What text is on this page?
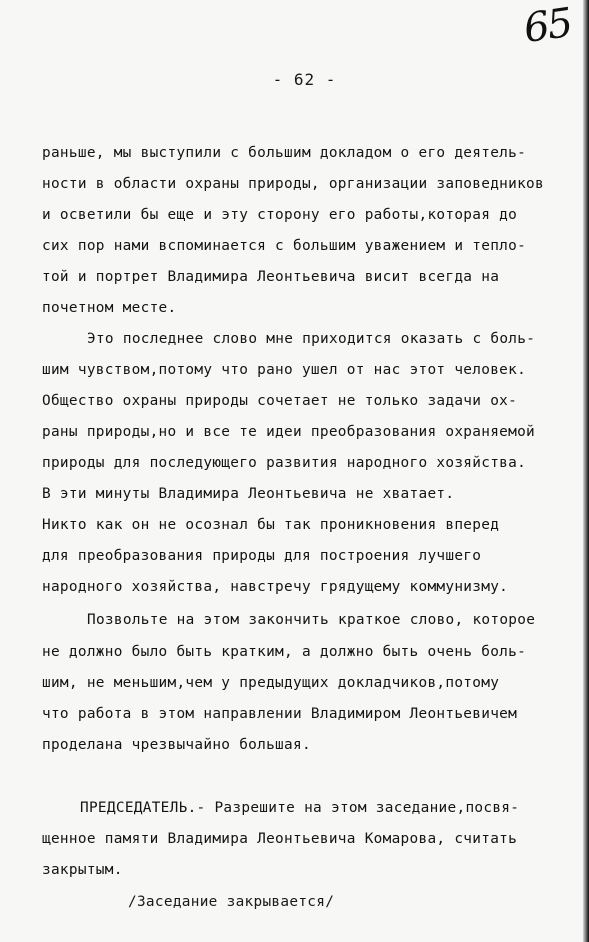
65
- 62 -
раньше, мы выступили с большим докладом о его деятель-
ности в области охраны природы, организации заповедников
и осветили бы еще и эту сторону его работы,которая до
сих пор нами вспоминается с большим уважением и тепло-
той и портрет Владимира Леонтьевича висит всегда на
почетном месте.
Это последнее слово мне приходится оказать с боль-
шим чувством,потому что рано ушел от нас этот человек.
Общество охраны природы сочетает не только задачи ох-
раны природы,но и все те идеи преобразования охраняемой
природы для последующего развития народного хозяйства.
В эти минуты Владимира Леонтьевича не хватает.
Никто как он не осознал бы так проникновения вперед
для преобразования природы для построения лучшего
народного хозяйства, навстречу грядущему коммунизму.
Позвольте на этом закончить краткое слово, которое
не должно было быть кратким, а должно быть очень боль-
шим, не меньшим,чем у предыдущих докладчиков,потому
что работа в этом направлении Владимиром Леонтьевичем
проделана чрезвычайно большая.
ПРЕДСЕДАТЕЛЬ.- Разрешите на этом заседание,посвя-
щенное памяти Владимира Леонтьевича Комарова, считать
закрытым.
/Заседание закрывается/
